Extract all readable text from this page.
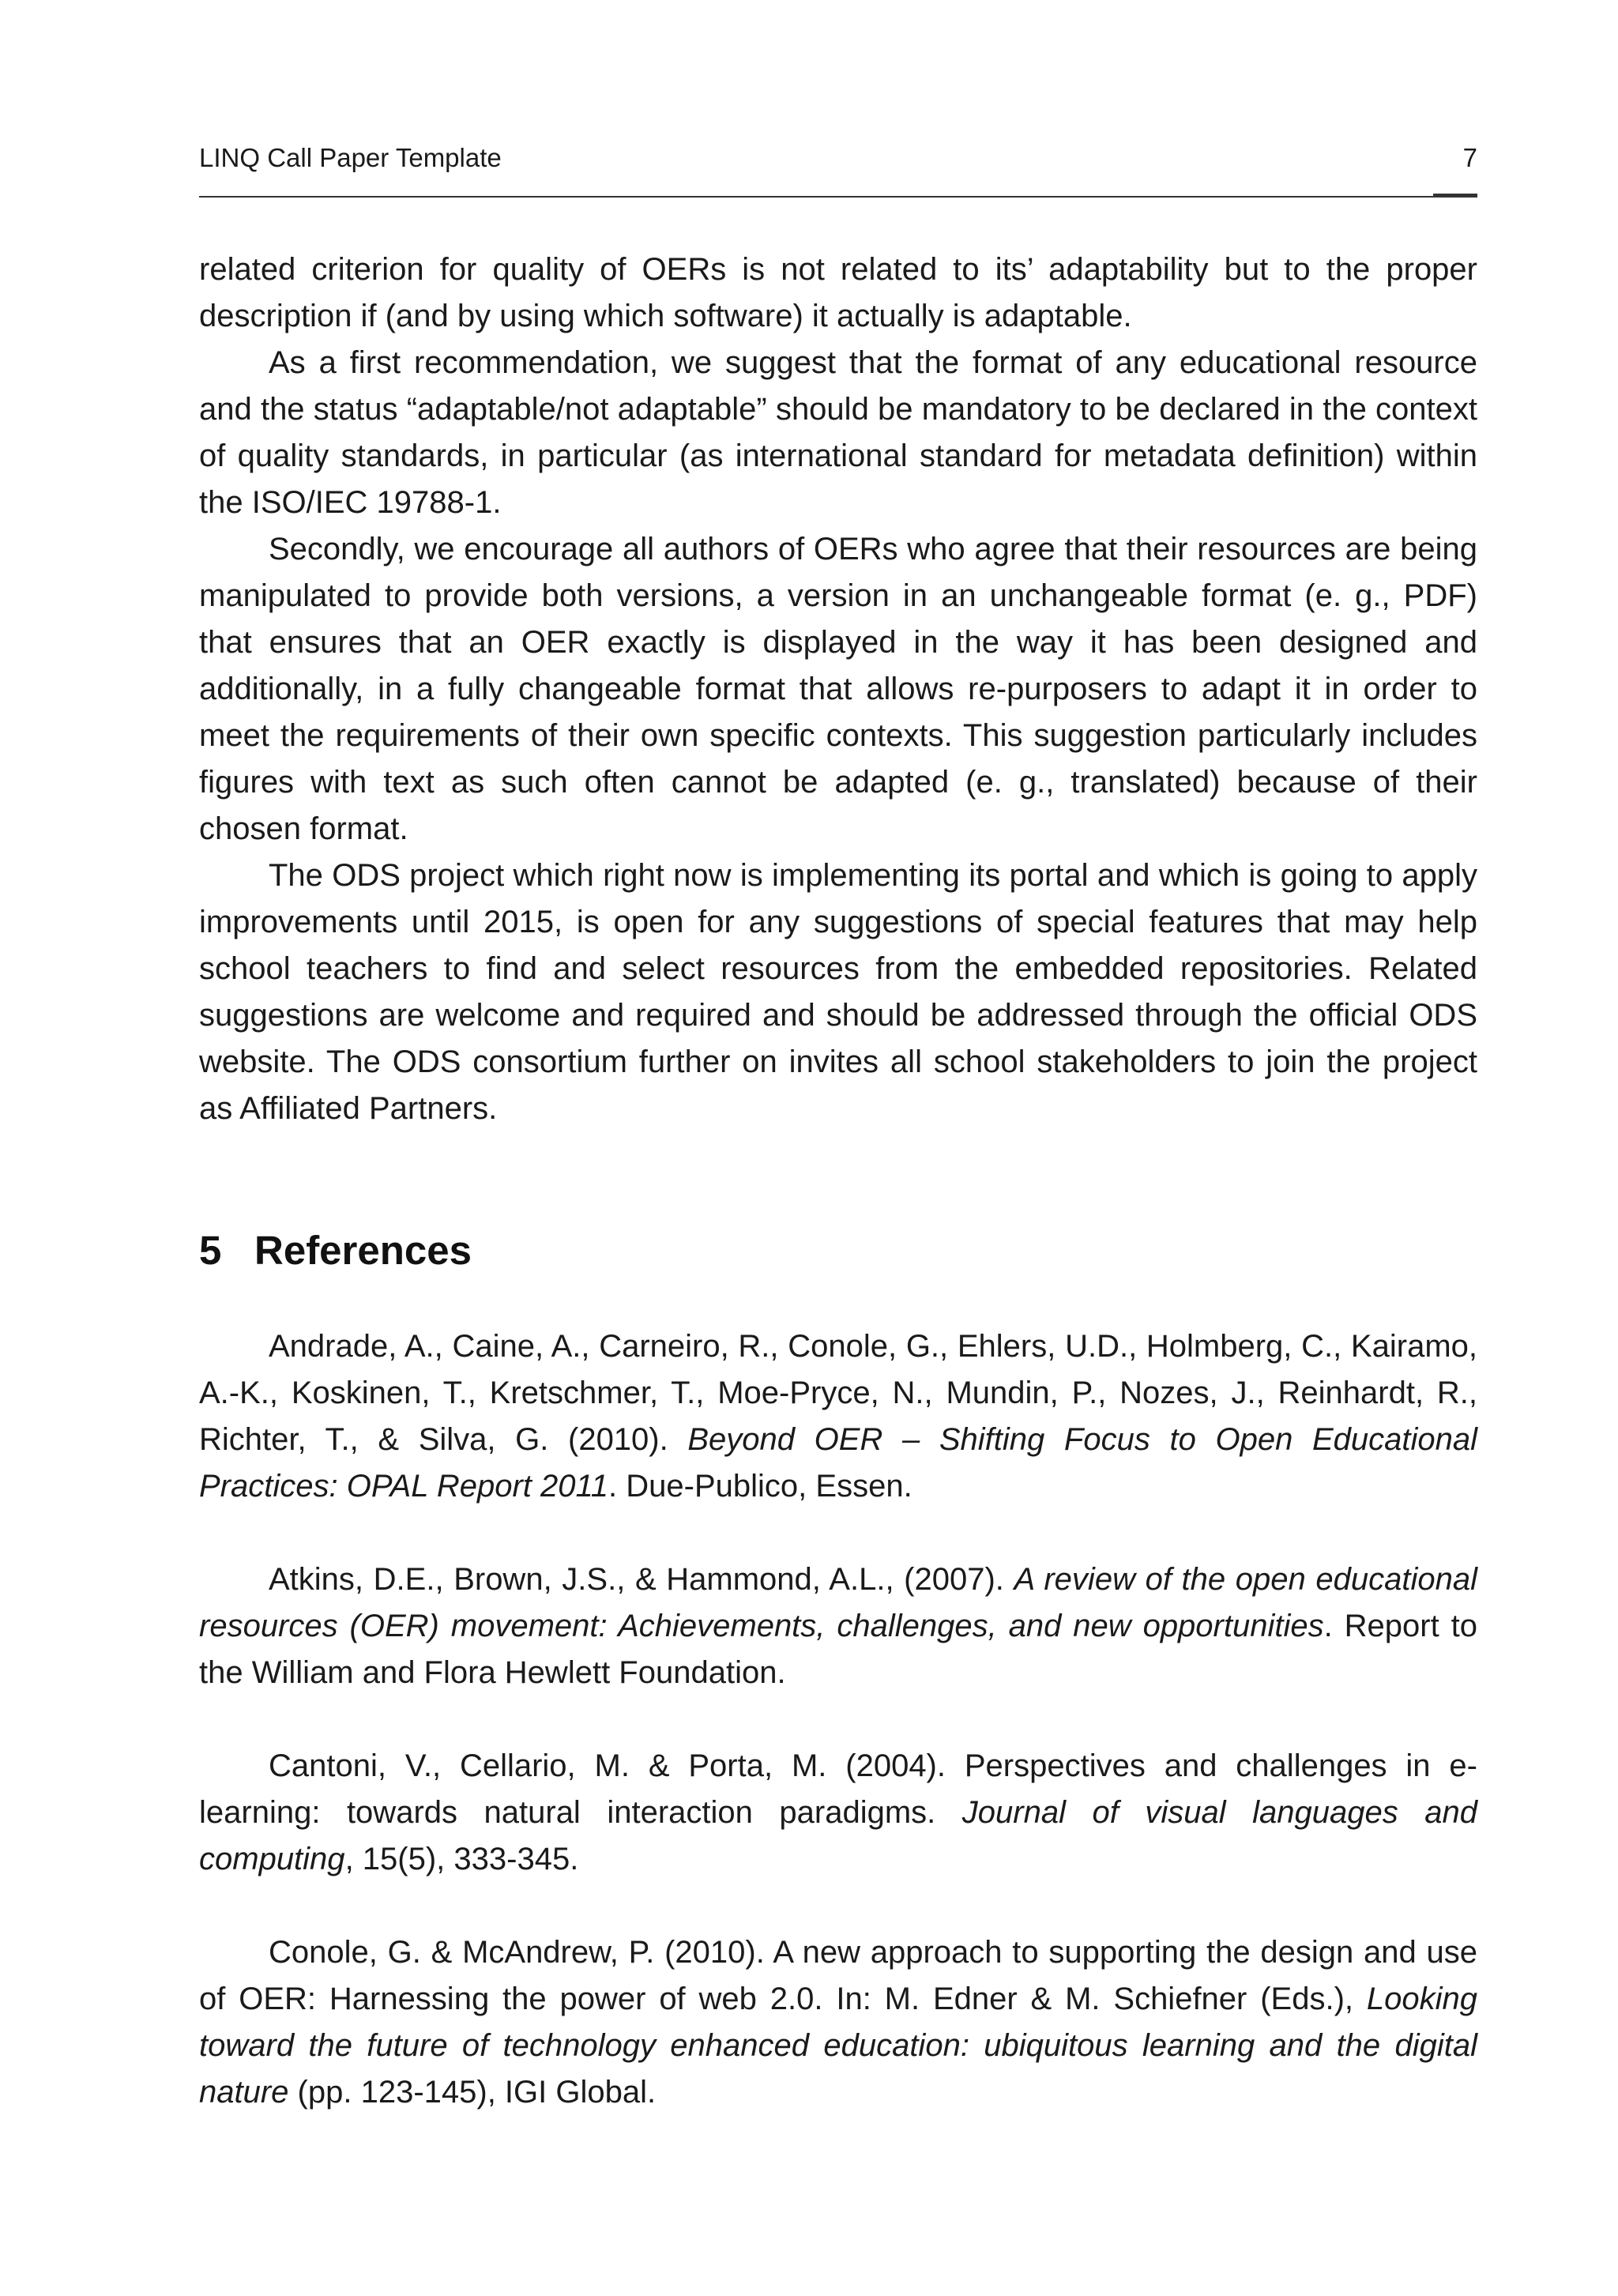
LINQ Call Paper Template	7

related criterion for quality of OERs is not related to its’ adaptability but to the proper description if (and by using which software) it actually is adaptable.

As a first recommendation, we suggest that the format of any educational resource and the status “adaptable/not adaptable” should be mandatory to be declared in the context of quality standards, in particular (as international standard for metadata definition) within the ISO/IEC 19788-1.

Secondly, we encourage all authors of OERs who agree that their resources are being manipulated to provide both versions, a version in an unchangeable format (e. g., PDF) that ensures that an OER exactly is displayed in the way it has been designed and additionally, in a fully changeable format that allows re-purposers to adapt it in order to meet the requirements of their own specific contexts. This suggestion particularly includes figures with text as such often cannot be adapted (e. g., translated) because of their chosen format.

The ODS project which right now is implementing its portal and which is going to apply improvements until 2015, is open for any suggestions of special features that may help school teachers to find and select resources from the embedded repositories. Related suggestions are welcome and required and should be addressed through the official ODS website. The ODS consortium further on invites all school stakeholders to join the project as Affiliated Partners.

5 References

Andrade, A., Caine, A., Carneiro, R., Conole, G., Ehlers, U.D., Holmberg, C., Kairamo, A.-K., Koskinen, T., Kretschmer, T., Moe-Pryce, N., Mundin, P., Nozes, J., Reinhardt, R., Richter, T., & Silva, G. (2010). Beyond OER – Shifting Focus to Open Educational Practices: OPAL Report 2011. Due-Publico, Essen.

Atkins, D.E., Brown, J.S., & Hammond, A.L., (2007). A review of the open educational resources (OER) movement: Achievements, challenges, and new opportunities. Report to the William and Flora Hewlett Foundation.

Cantoni, V., Cellario, M. & Porta, M. (2004). Perspectives and challenges in e-learning: towards natural interaction paradigms. Journal of visual languages and computing, 15(5), 333-345.

Conole, G. & McAndrew, P. (2010). A new approach to supporting the design and use of OER: Harnessing the power of web 2.0. In: M. Edner & M. Schiefner (Eds.), Looking toward the future of technology enhanced education: ubiquitous learning and the digital nature (pp. 123-145), IGI Global.
